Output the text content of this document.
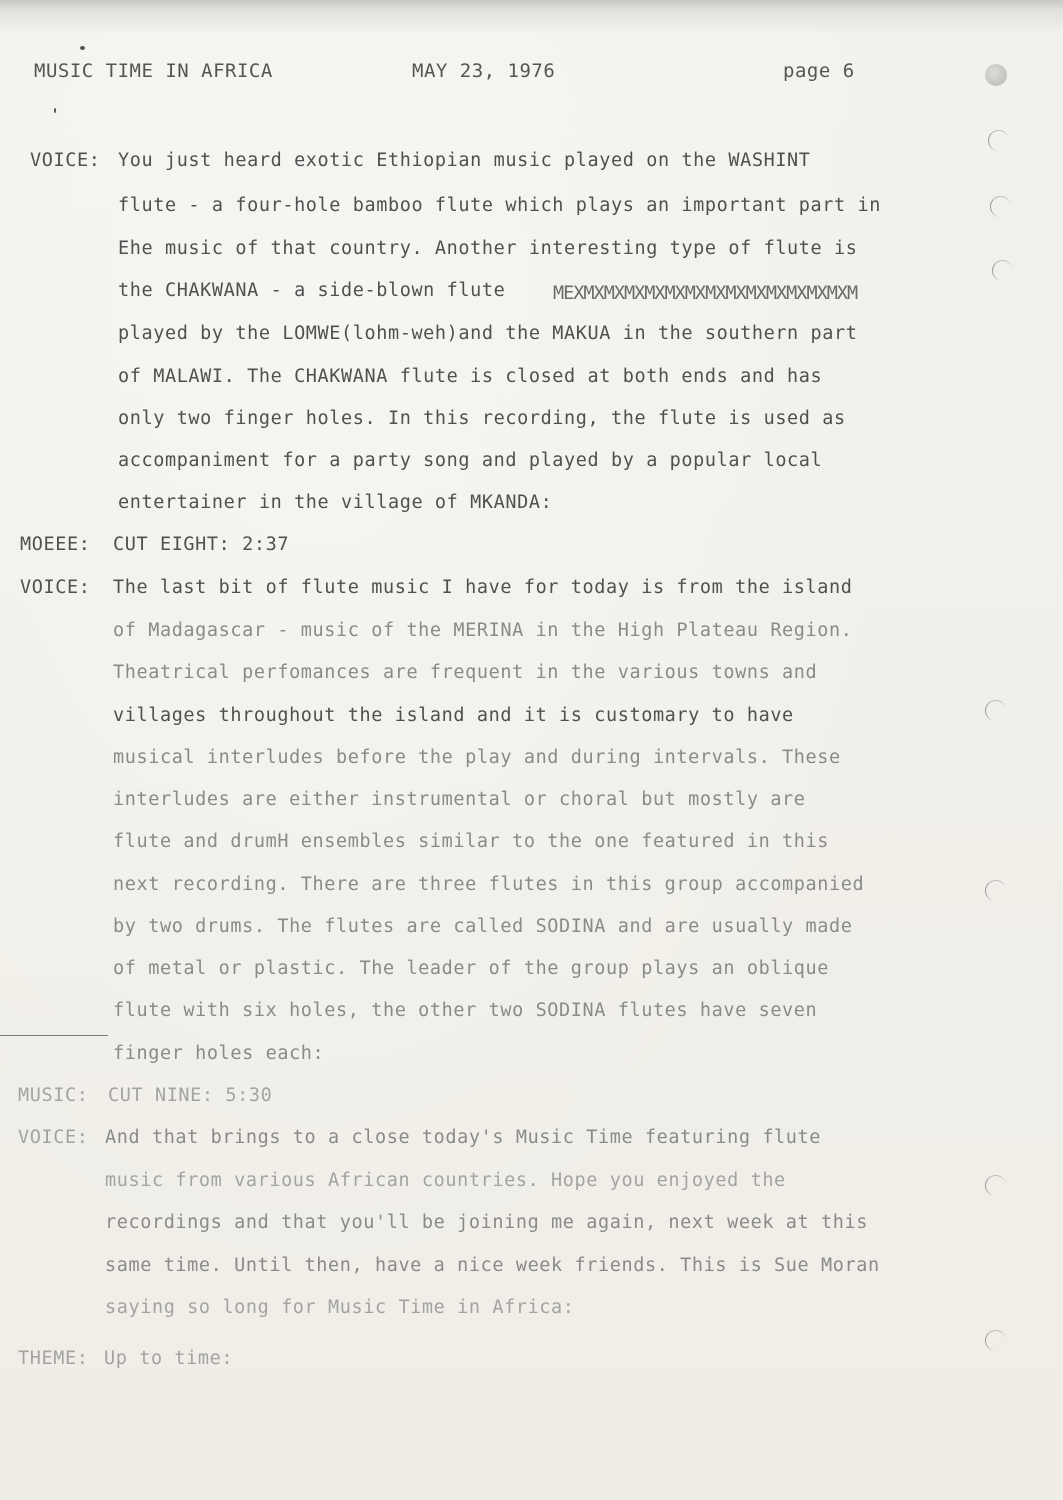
MUSIC TIME IN AFRICA	MAY 23, 1976	page 6
VOICE: You just heard exotic Ethiopian music played on the WASHINT
flute - a four-hole bamboo flute which plays an important part in
Ehe music of that country. Another interesting type of flute is
the CHAKWANA - a side-blown flute	MEXMXMXMXMXMXMXMXMXMXMXMXMXMXM
played by the LOMWE(lohm-weh)and the MAKUA in the southern part
of MALAWI. The CHAKWANA flute is closed at both ends and has
only two finger holes. In this recording, the flute is used as
accompaniment for a party song and played by a popular local
entertainer in the village of MKANDA:
MOEEE: CUT EIGHT: 2:37
VOICE: The last bit of flute music I have for today is from the island
of Madagascar - music of the MERINA in the High Plateau Region.
Theatrical perfomances are frequent in the various towns and
villages throughout the island and it is customary to have
musical interludes before the play and during intervals. These
interludes are either instrumental or choral but mostly are
flute and drumH ensembles similar to the one featured in this
next recording. There are three flutes in this group accompanied
by two drums. The flutes are called SODINA and are usually made
of metal or plastic. The leader of the group plays an oblique
flute with six holes, the other two SODINA flutes have seven
finger holes each:
MUSIC: CUT NINE: 5:30
VOICE: And that brings to a close today's Music Time featuring flute
music from various African countries. Hope you enjoyed the
recordings and that you'll be joining me again, next week at this
same time. Until then, have a nice week friends. This is Sue Moran
saying so long for Music Time in Africa:
THEME: Up to time:
